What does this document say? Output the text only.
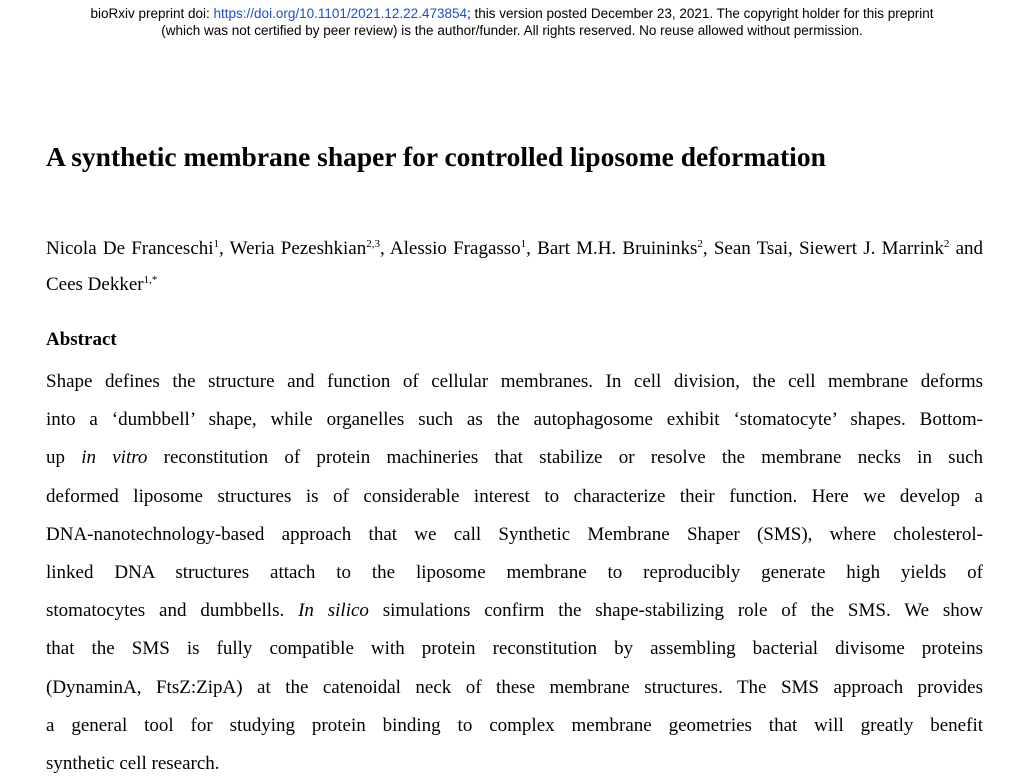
bioRxiv preprint doi: https://doi.org/10.1101/2021.12.22.473854; this version posted December 23, 2021. The copyright holder for this preprint
(which was not certified by peer review) is the author/funder. All rights reserved. No reuse allowed without permission.
A synthetic membrane shaper for controlled liposome deformation
Nicola De Franceschi$^1$, Weria Pezeshkian$^{2,3}$, Alessio Fragasso$^1$, Bart M.H. Bruininks$^2$, Sean Tsai, Siewert J. Marrink$^2$ and Cees Dekker$^{1,*}$
Abstract
Shape defines the structure and function of cellular membranes. In cell division, the cell membrane deforms
into a ‘dumbbell’ shape, while organelles such as the autophagosome exhibit ‘stomatocyte’ shapes. Bottom-
up in vitro reconstitution of protein machineries that stabilize or resolve the membrane necks in such
deformed liposome structures is of considerable interest to characterize their function. Here we develop a
DNA-nanotechnology-based approach that we call Synthetic Membrane Shaper (SMS), where cholesterol-
linked DNA structures attach to the liposome membrane to reproducibly generate high yields of
stomatocytes and dumbbells. In silico simulations confirm the shape-stabilizing role of the SMS. We show
that the SMS is fully compatible with protein reconstitution by assembling bacterial divisome proteins
(DynaminA, FtsZ:ZipA) at the catenoidal neck of these membrane structures. The SMS approach provides
a general tool for studying protein binding to complex membrane geometries that will greatly benefit
synthetic cell research.
